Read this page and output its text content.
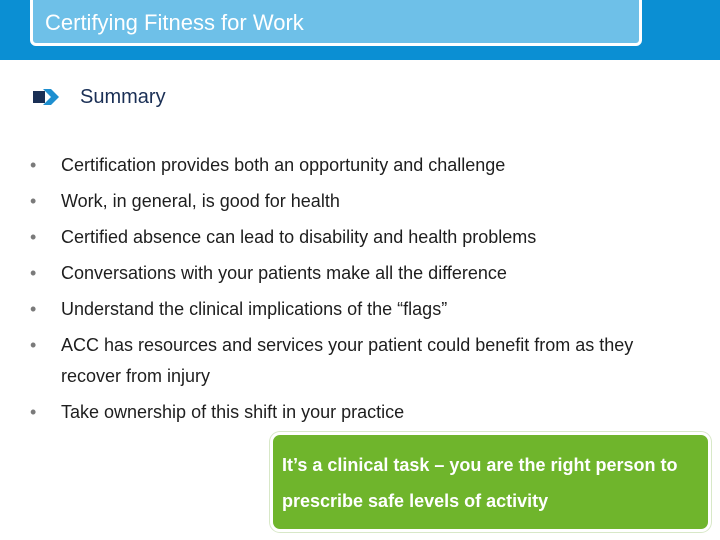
Certifying Fitness for Work
Summary
•	Certification provides both an opportunity and challenge
•	Work, in general, is good for health
•	Certified absence can lead to disability and health problems
•	Conversations with your patients make all the difference
•	Understand the clinical implications of the “flags”
•	ACC has resources and services your patient could benefit from as they recover from injury
•	Take ownership of this shift in your practice
It’s a clinical task – you are the right person to prescribe safe levels of activity
